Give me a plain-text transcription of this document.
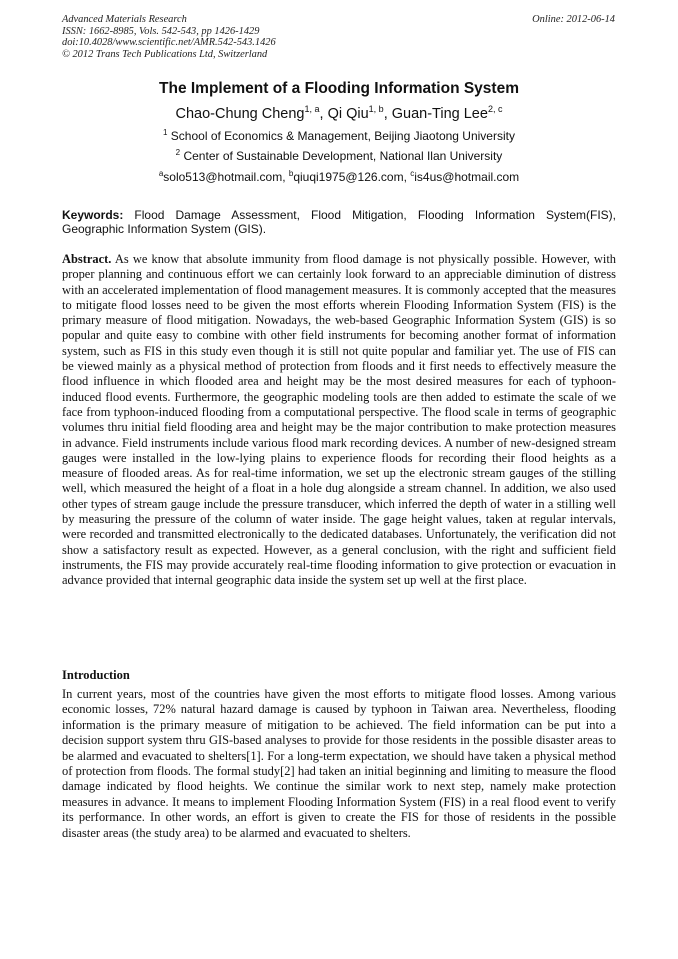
Advanced Materials Research
ISSN: 1662-8985, Vols. 542-543, pp 1426-1429
doi:10.4028/www.scientific.net/AMR.542-543.1426
© 2012 Trans Tech Publications Ltd, Switzerland
Online: 2012-06-14
The Implement of a Flooding Information System
Chao-Chung Cheng$^{1, a}$, Qi Qiu$^{1, b}$, Guan-Ting Lee$^{2, c}$
$^1$ School of Economics & Management, Beijing Jiaotong University
$^2$ Center of Sustainable Development, National Ilan University
$^a$solo513@hotmail.com, $^b$qiuqi1975@126.com, $^c$is4us@hotmail.com
Keywords: Flood Damage Assessment, Flood Mitigation, Flooding Information System(FIS), Geographic Information System (GIS).
Abstract. As we know that absolute immunity from flood damage is not physically possible. However, with proper planning and continuous effort we can certainly look forward to an appreciable diminution of distress with an accelerated implementation of flood management measures. It is commonly accepted that the measures to mitigate flood losses need to be given the most efforts wherein Flooding Information System (FIS) is the primary measure of flood mitigation. Nowadays, the web-based Geographic Information System (GIS) is so popular and quite easy to combine with other field instruments for becoming another format of information system, such as FIS in this study even though it is still not quite popular and familiar yet. The use of FIS can be viewed mainly as a physical method of protection from floods and it first needs to effectively measure the flood influence in which flooded area and height may be the most desired measures for each of typhoon-induced flood events. Furthermore, the geographic modeling tools are then added to estimate the scale of we face from typhoon-induced flooding from a computational perspective. The flood scale in terms of geographic volumes thru initial field flooding area and height may be the major contribution to make protection measures in advance. Field instruments include various flood mark recording devices. A number of new-designed stream gauges were installed in the low-lying plains to experience floods for recording their flood heights as a measure of flooded areas. As for real-time information, we set up the electronic stream gauges of the stilling well, which measured the height of a float in a hole dug alongside a stream channel. In addition, we also used other types of stream gauge include the pressure transducer, which inferred the depth of water in a stilling well by measuring the pressure of the column of water inside. The gage height values, taken at regular intervals, were recorded and transmitted electronically to the dedicated databases. Unfortunately, the verification did not show a satisfactory result as expected. However, as a general conclusion, with the right and sufficient field instruments, the FIS may provide accurately real-time flooding information to give protection or evacuation in advance provided that internal geographic data inside the system set up well at the first place.
Introduction
In current years, most of the countries have given the most efforts to mitigate flood losses. Among various economic losses, 72% natural hazard damage is caused by typhoon in Taiwan area. Nevertheless, flooding information is the primary measure of mitigation to be achieved. The field information can be put into a decision support system thru GIS-based analyses to provide for those residents in the possible disaster areas to be alarmed and evacuated to shelters[1]. For a long-term expectation, we should have taken a physical method of protection from floods. The formal study[2] had taken an initial beginning and limiting to measure the flood damage indicated by flood heights. We continue the similar work to next step, namely make protection measures in advance. It means to implement Flooding Information System (FIS) in a real flood event to verify its performance. In other words, an effort is given to create the FIS for those of residents in the possible disaster areas (the study area) to be alarmed and evacuated to shelters.
